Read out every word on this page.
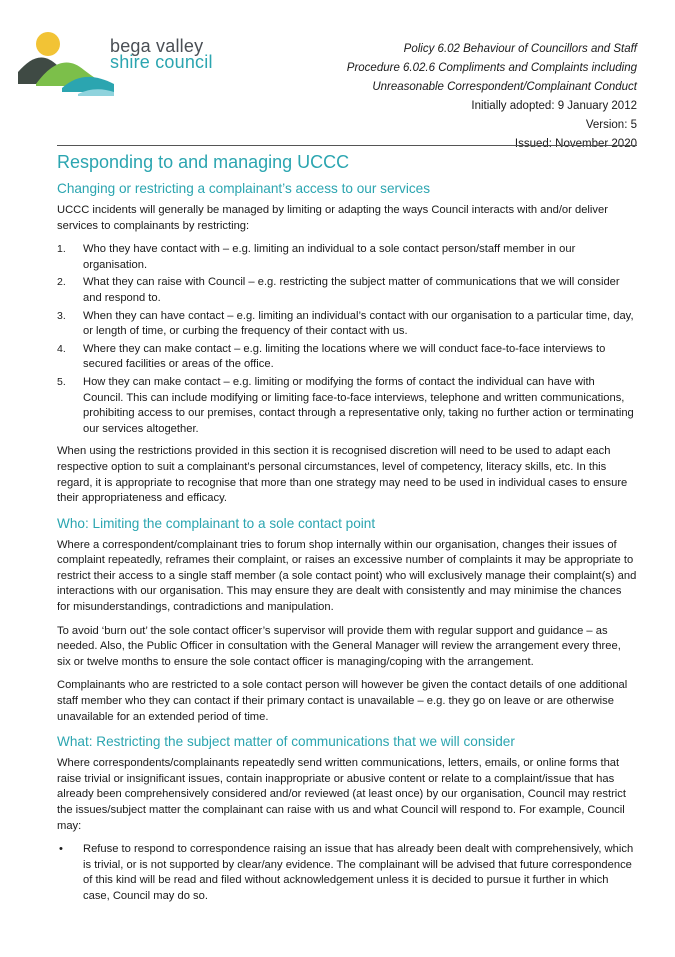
bega valley
shire council
Policy 6.02 Behaviour of Councillors and Staff
Procedure 6.02.6 Compliments and Complaints including
Unreasonable Correspondent/Complainant Conduct
Initially adopted: 9 January 2012
Version: 5
Issued: November 2020
Responding to and managing UCCC
Changing or restricting a complainant’s access to our services

UCCC incidents will generally be managed by limiting or adapting the ways Council interacts with and/or deliver services to complainants by restricting:

1. Who they have contact with – e.g. limiting an individual to a sole contact person/staff member in our organisation.
2. What they can raise with Council – e.g. restricting the subject matter of communications that we will consider and respond to.
3. When they can have contact – e.g. limiting an individual’s contact with our organisation to a particular time, day, or length of time, or curbing the frequency of their contact with us.
4. Where they can make contact – e.g. limiting the locations where we will conduct face-to-face interviews to secured facilities or areas of the office.
5. How they can make contact – e.g. limiting or modifying the forms of contact the individual can have with Council. This can include modifying or limiting face-to-face interviews, telephone and written communications, prohibiting access to our premises, contact through a representative only, taking no further action or terminating our services altogether.

When using the restrictions provided in this section it is recognised discretion will need to be used to adapt each respective option to suit a complainant’s personal circumstances, level of competency, literacy skills, etc. In this regard, it is appropriate to recognise that more than one strategy may need to be used in individual cases to ensure their appropriateness and efficacy.

Who: Limiting the complainant to a sole contact point

Where a correspondent/complainant tries to forum shop internally within our organisation, changes their issues of complaint repeatedly, reframes their complaint, or raises an excessive number of complaints it may be appropriate to restrict their access to a single staff member (a sole contact point) who will exclusively manage their complaint(s) and interactions with our organisation. This may ensure they are dealt with consistently and may minimise the chances for misunderstandings, contradictions and manipulation.

To avoid ‘burn out’ the sole contact officer’s supervisor will provide them with regular support and guidance – as needed. Also, the Public Officer in consultation with the General Manager will review the arrangement every three, six or twelve months to ensure the sole contact officer is managing/coping with the arrangement.

Complainants who are restricted to a sole contact person will however be given the contact details of one additional staff member who they can contact if their primary contact is unavailable – e.g. they go on leave or are otherwise unavailable for an extended period of time.

What: Restricting the subject matter of communications that we will consider

Where correspondents/complainants repeatedly send written communications, letters, emails, or online forms that raise trivial or insignificant issues, contain inappropriate or abusive content or relate to a complaint/issue that has already been comprehensively considered and/or reviewed (at least once) by our organisation, Council may restrict the issues/subject matter the complainant can raise with us and what Council will respond to. For example, Council may:

• Refuse to respond to correspondence raising an issue that has already been dealt with comprehensively, which is trivial, or is not supported by clear/any evidence. The complainant will be advised that future correspondence of this kind will be read and filed without acknowledgement unless it is decided to pursue it further in which case, Council may do so.
